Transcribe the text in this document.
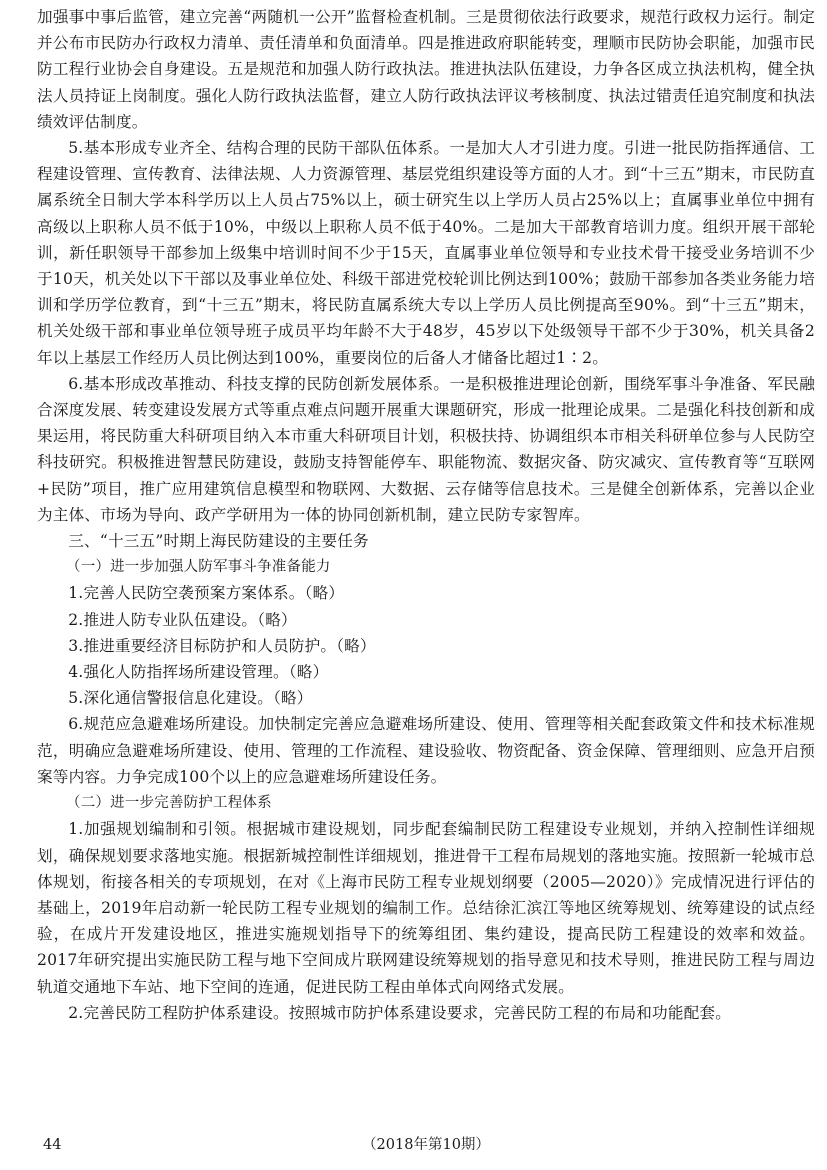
加强事中事后监管，建立完善“两随机一公开”监督检查机制。三是贯彻依法行政要求，规范行政权力运行。制定并公布市民防办行政权力清单、责任清单和负面清单。四是推进政府职能转变，理顺市民防协会职能，加强市民防工程行业协会自身建设。五是规范和加强人防行政执法。推进执法队伍建设，力争各区成立执法机构，健全执法人员持证上岗制度。强化人防行政执法监督，建立人防行政执法评议考核制度、执法过错责任追究制度和执法绩效评估制度。

5.基本形成专业齐全、结构合理的民防干部队伍体系。一是加大人才引进力度。引进一批民防指挥通信、工程建设管理、宣传教育、法律法规、人力资源管理、基层党组织建设等方面的人才。到“十三五”期末，市民防直属系统全日制大学本科学历以上人员占75%以上，硕士研究生以上学历人员占25%以上；直属事业单位中拥有高级以上职称人员不低于10%，中级以上职称人员不低于40%。二是加大干部教育培训力度。组织开展干部轮训，新任职领导干部参加上级集中培训时间不少于15天，直属事业单位领导和专业技术骨干接受业务培训不少于10天，机关处以下干部以及事业单位处、科级干部进党校轮训比例达到100%；鼓励干部参加各类业务能力培训和学历学位教育，到“十三五”期末，将民防直属系统大专以上学历人员比例提高至90%。到“十三五”期末，机关处级干部和事业单位领导班子成员平均年龄不大于48岁，45岁以下处级领导干部不少于30%，机关具备2年以上基层工作经历人员比例达到100%，重要岗位的后备人才储备比超过1∶2。

6.基本形成改革推动、科技支撑的民防创新发展体系。一是积极推进理论创新，围绕军事斗争准备、军民融合深度发展、转变建设发展方式等重点难点问题开展重大课题研究，形成一批理论成果。二是强化科技创新和成果运用，将民防重大科研项目纳入本市重大科研项目计划，积极扶持、协调组织本市相关科研单位参与人民防空科技研究。积极推进智慧民防建设，鼓励支持智能停车、职能物流、数据灾备、防灾减灾、宣传教育等“互联网+民防”项目，推广应用建筑信息模型和物联网、大数据、云存储等信息技术。三是健全创新体系，完善以企业为主体、市场为导向、政产学研用为一体的协同创新机制，建立民防专家智库。

三、“十三五”时期上海民防建设的主要任务

（一）进一步加强人防军事斗争准备能力

1.完善人民防空袭预案方案体系。（略）

2.推进人防专业队伍建设。（略）

3.推进重要经济目标防护和人员防护。（略）

4.强化人防指挥场所建设管理。（略）

5.深化通信警报信息化建设。（略）

6.规范应急避难场所建设。加快制定完善应急避难场所建设、使用、管理等相关配套政策文件和技术标准规范，明确应急避难场所建设、使用、管理的工作流程、建设验收、物资配备、资金保障、管理细则、应急开启预案等内容。力争完成100个以上的应急避难场所建设任务。

（二）进一步完善防护工程体系

1.加强规划编制和引领。根据城市建设规划，同步配套编制民防工程建设专业规划，并纳入控制性详细规划，确保规划要求落地实施。根据新城控制性详细规划，推进骨干工程布局规划的落地实施。按照新一轮城市总体规划，衔接各相关的专项规划，在对《上海市民防工程专业规划纲要（2005—2020）》完成情况进行评估的基础上，2019年启动新一轮民防工程专业规划的编制工作。总结徐汇滨江等地区统筹规划、统筹建设的试点经验，在成片开发建设地区，推进实施规划指导下的统筹组团、集约建设，提高民防工程建设的效率和效益。2017年研究提出实施民防工程与地下空间成片联网建设统筹规划的指导意见和技术导则，推进民防工程与周边轨道交通地下车站、地下空间的连通，促进民防工程由单体式向网络式发展。

2.完善民防工程防护体系建设。按照城市防护体系建设要求，完善民防工程的布局和功能配套。

44	（2018年第10期）
